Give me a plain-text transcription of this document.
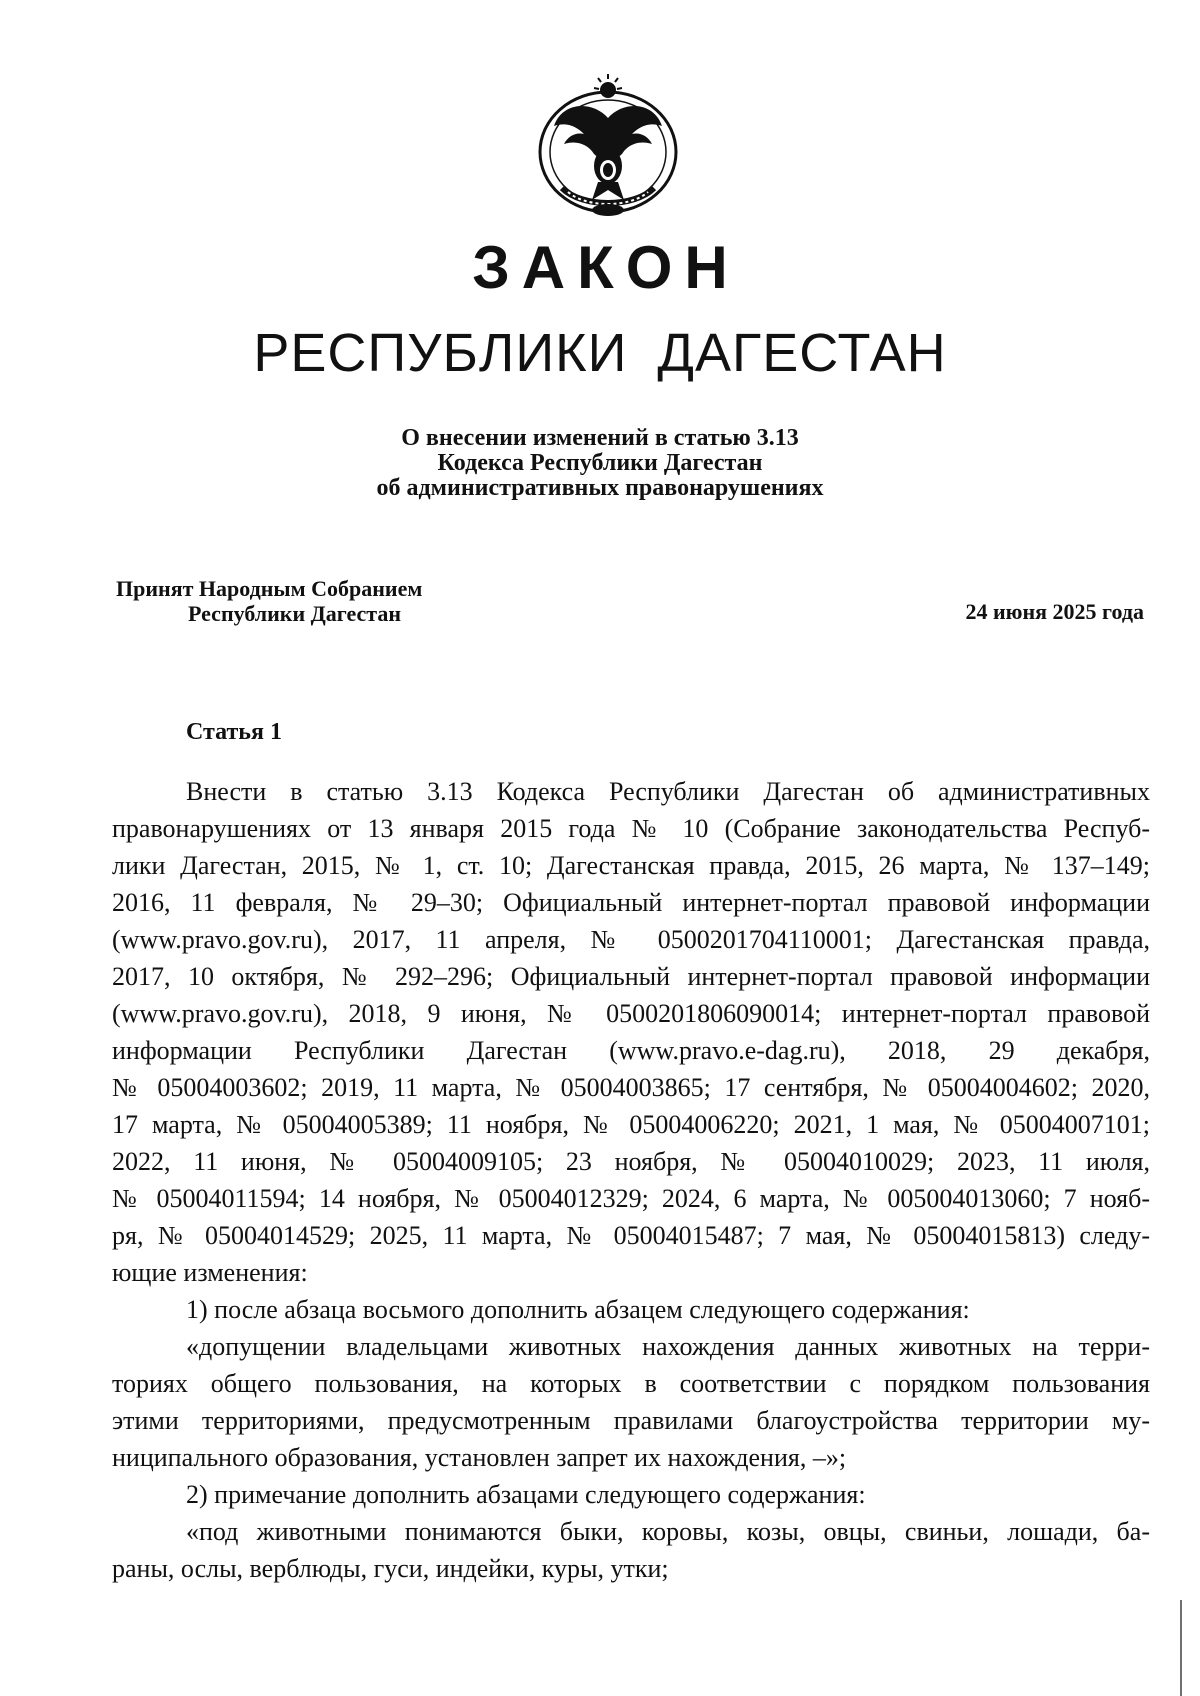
ЗАКОН
РЕСПУБЛИКИ ДАГЕСТАН
О внесении изменений в статью 3.13
Кодекса Республики Дагестан
об административных правонарушениях
Принят Народным Собранием
Республики Дагестан	24 июня 2025 года
Статья 1
Внести в статью 3.13 Кодекса Республики Дагестан об административных
правонарушениях от 13 января 2015 года № 10 (Собрание законодательства Респуб-
лики Дагестан, 2015, № 1, ст. 10; Дагестанская правда, 2015, 26 марта, № 137–149;
2016, 11 февраля, № 29–30; Официальный интернет-портал правовой информации
(www.pravo.gov.ru), 2017, 11 апреля, № 0500201704110001; Дагестанская правда,
2017, 10 октября, № 292–296; Официальный интернет-портал правовой информации
(www.pravo.gov.ru), 2018, 9 июня, № 0500201806090014; интернет-портал правовой
информации Республики Дагестан (www.pravo.e-dag.ru), 2018, 29 декабря,
№ 05004003602; 2019, 11 марта, № 05004003865; 17 сентября, № 05004004602; 2020,
17 марта, № 05004005389; 11 ноября, № 05004006220; 2021, 1 мая, № 05004007101;
2022, 11 июня, № 05004009105; 23 ноября, № 05004010029; 2023, 11 июля,
№ 05004011594; 14 ноября, № 05004012329; 2024, 6 марта, № 005004013060; 7 нояб-
ря, № 05004014529; 2025, 11 марта, № 05004015487; 7 мая, № 05004015813) следу-
ющие изменения:
1) после абзаца восьмого дополнить абзацем следующего содержания:
«допущении владельцами животных нахождения данных животных на терри-
ториях общего пользования, на которых в соответствии с порядком пользования
этими территориями, предусмотренным правилами благоустройства территории му-
ниципального образования, установлен запрет их нахождения, –»;
2) примечание дополнить абзацами следующего содержания:
«под животными понимаются быки, коровы, козы, овцы, свиньи, лошади, ба-
раны, ослы, верблюды, гуси, индейки, куры, утки;
